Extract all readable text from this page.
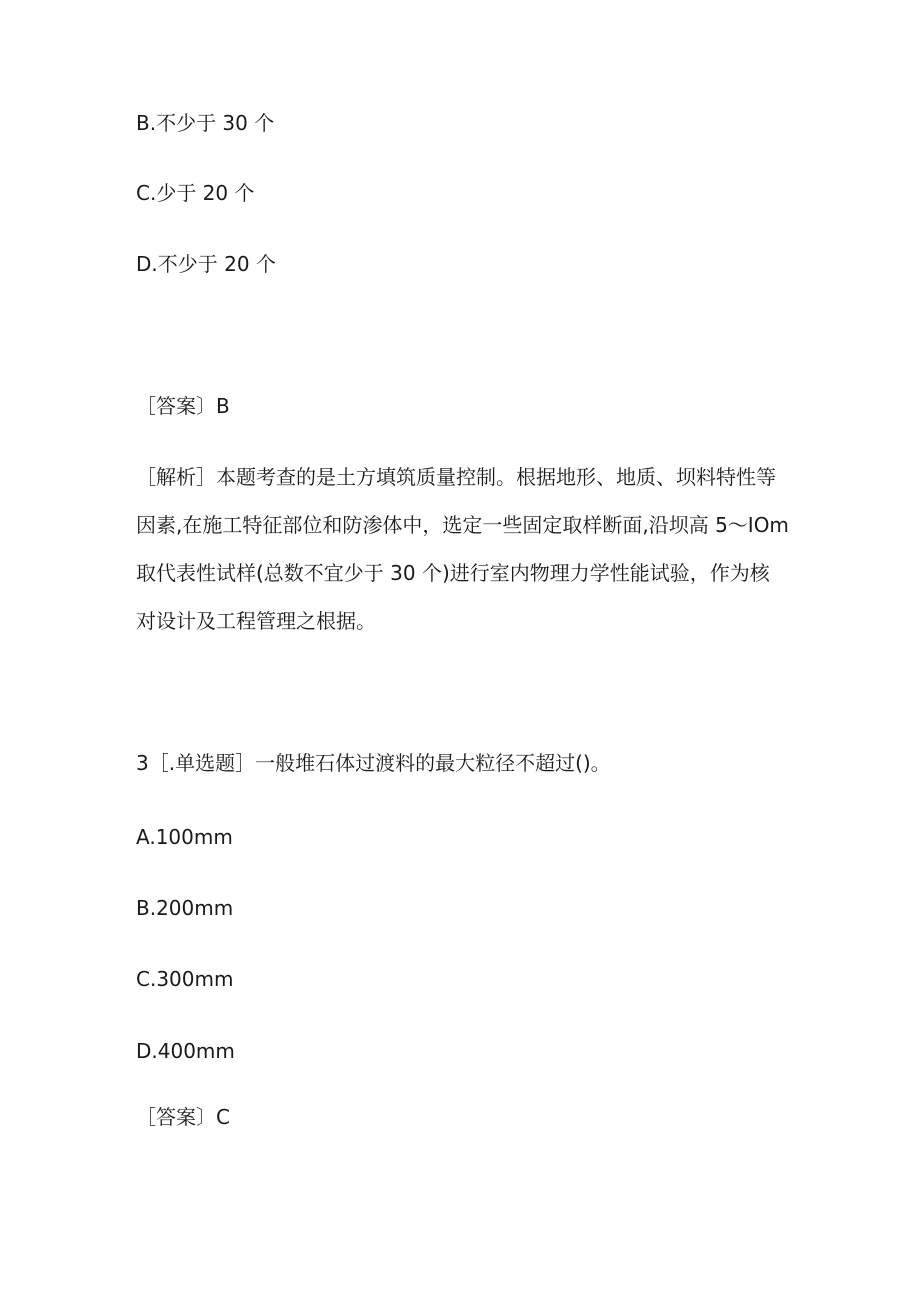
B.不少于 30 个
C.少于 20 个
D.不少于 20 个
［答案〕B
［解析］本题考查的是土方填筑质量控制。根据地形、地质、坝料特性等
因素,在施工特征部位和防渗体中，选定一些固定取样断面,沿坝高 5～IOm
取代表性试样(总数不宜少于 30 个)进行室内物理力学性能试验，作为核
对设计及工程管理之根据。
3［.单选题］一般堆石体过渡料的最大粒径不超过()。
A.100mm
B.200mm
C.300mm
D.400mm
［答案〕C
